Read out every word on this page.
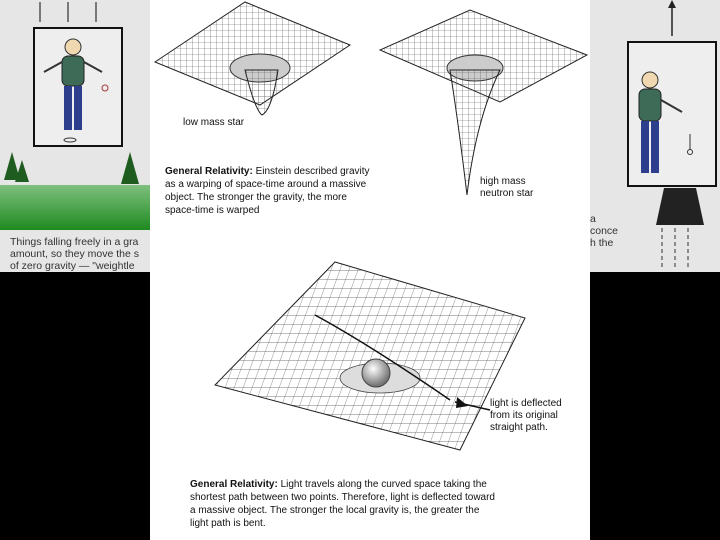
Things falling freely in a gra
amount, so they move the s
of zero gravity — "weightle
a
conce
h the
low mass star
high mass
neutron star
General Relativity: Einstein described gravity
as a warping of space-time around a massive
object. The stronger the gravity, the more
space-time is warped
light is deflected
from its original
straight path.
General Relativity: Light travels along the curved space taking the
shortest path between two points. Therefore, light is deflected toward
a massive object. The stronger the local gravity is, the greater the
light path is bent.
